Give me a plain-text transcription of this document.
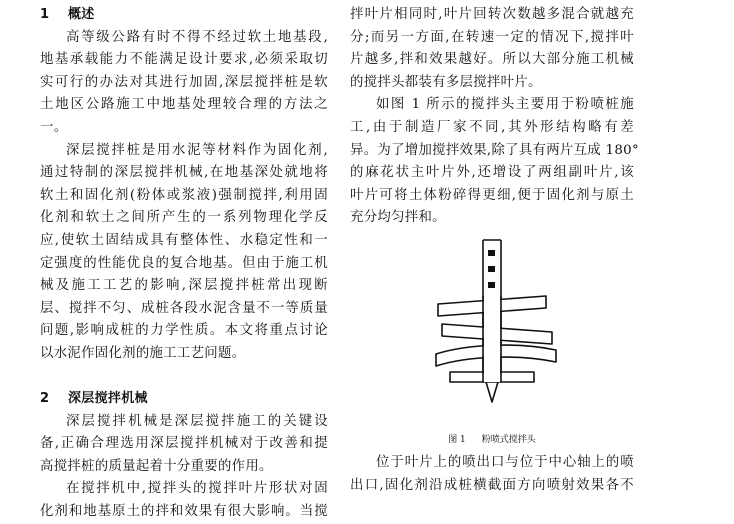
1 概述
高等级公路有时不得不经过软土地基段,
地基承载能力不能满足设计要求,必须采取切
实可行的办法对其进行加固,深层搅拌桩是软
土地区公路施工中地基处理较合理的方法之
一。
深层搅拌桩是用水泥等材料作为固化剂,
通过特制的深层搅拌机械,在地基深处就地将
软土和固化剂(粉体或浆液)强制搅拌,利用固
化剂和软土之间所产生的一系列物理化学反
应,使软土固结成具有整体性、水稳定性和一
定强度的性能优良的复合地基。但由于施工机
械及施工工艺的影响,深层搅拌桩常出现断
层、搅拌不匀、成桩各段水泥含量不一等质量
问题,影响成桩的力学性质。本文将重点讨论
以水泥作固化剂的施工工艺问题。
2 深层搅拌机械
深层搅拌机械是深层搅拌施工的关键设
备,正确合理选用深层搅拌机械对于改善和提
高搅拌桩的质量起着十分重要的作用。
在搅拌机中,搅拌头的搅拌叶片形状对固
化剂和地基原土的拌和效果有很大影响。当搅
拌叶片相同时,叶片回转次数越多混合就越充
分;而另一方面,在转速一定的情况下,搅拌叶
片越多,拌和效果越好。所以大部分施工机械
的搅拌头都装有多层搅拌叶片。
如图 1 所示的搅拌头主要用于粉喷桩施
工,由于制造厂家不同,其外形结构略有差
异。为了增加搅拌效果,除了具有两片互成 180°
的麻花状主叶片外,还增设了两组副叶片,该
叶片可将土体粉碎得更细,便于固化剂与原土
充分均匀拌和。
图 1 粉喷式搅拌头
位于叶片上的喷出口与位于中心轴上的喷
出口,固化剂沿成桩横截面方向喷射效果各不
